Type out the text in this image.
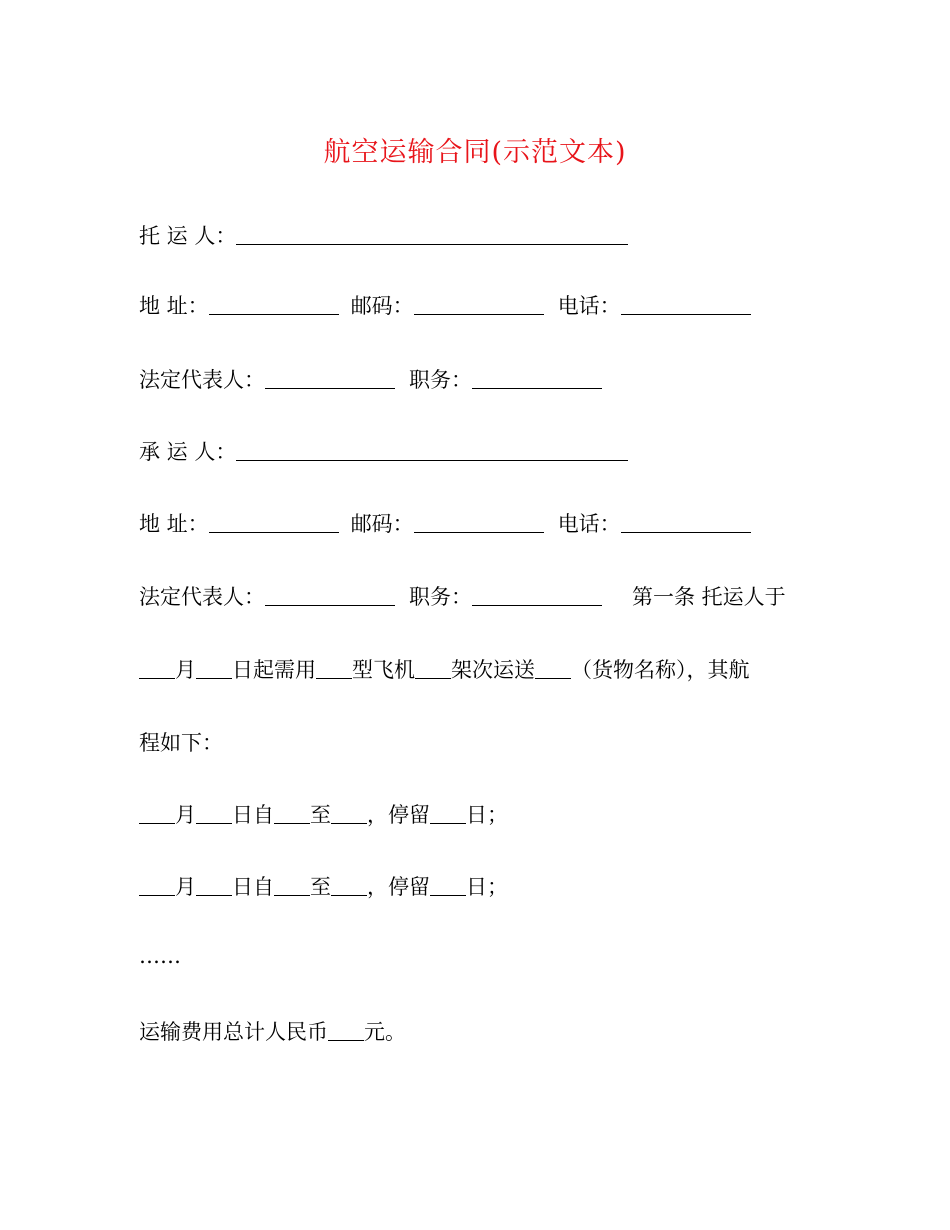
航空运输合同(示范文本)
托 运 人：
地 址：	邮码：	电话：
法定代表人：	职务：
承 运 人：
地 址：	邮码：	电话：
法定代表人：	职务：	第一条 托运人于
月 日起需用 型飞机 架次运送 （货物名称），其航
程如下：
月 日自 至 ，停留 日；
月 日自 至 ，停留 日；
……
运输费用总计人民币 元。
